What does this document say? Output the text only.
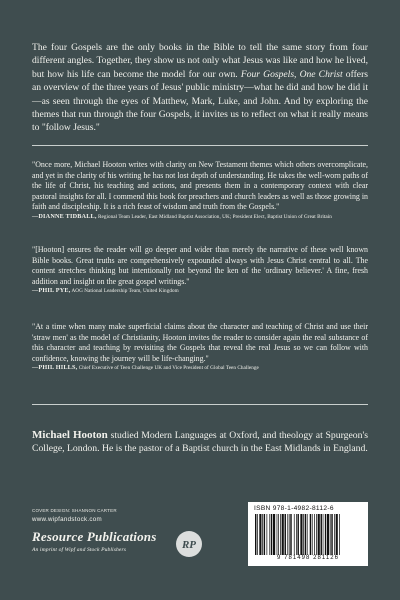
The four Gospels are the only books in the Bible to tell the same story from four different angles. Together, they show us not only what Jesus was like and how he lived, but how his life can become the model for our own. Four Gospels, One Christ offers an overview of the three years of Jesus' public ministry—what he did and how he did it—as seen through the eyes of Matthew, Mark, Luke, and John. And by exploring the themes that run through the four Gospels, it invites us to reflect on what it really means to "follow Jesus."

"Once more, Michael Hooton writes with clarity on New Testament themes which others overcomplicate, and yet in the clarity of his writing he has not lost depth of understanding. He takes the well-worn paths of the life of Christ, his teaching and actions, and presents them in a contemporary context with clear pastoral insights for all. I commend this book for preachers and church leaders as well as those growing in faith and discipleship. It is a rich feast of wisdom and truth from the Gospels."
—DIANNE TIDBALL, Regional Team Leader, East Midland Baptist Association, UK; President Elect, Baptist Union of Great Britain
"[Hooton] ensures the reader will go deeper and wider than merely the narrative of these well known Bible books. Great truths are comprehensively expounded always with Jesus Christ central to all. The content stretches thinking but intentionally not beyond the ken of the 'ordinary believer.' A fine, fresh addition and insight on the great gospel writings."
—PHIL PYE, AOG National Leadership Team, United Kingdom
"At a time when many make superficial claims about the character and teaching of Christ and use their 'straw men' as the model of Christianity, Hooton invites the reader to consider again the real substance of this character and teaching by revisiting the Gospels that reveal the real Jesus so we can follow with confidence, knowing the journey will be life-changing."
—PHIL HILLS, Chief Executive of Teen Challenge UK and Vice President of Global Teen Challenge

Michael Hooton studied Modern Languages at Oxford, and theology at Spurgeon's College, London. He is the pastor of a Baptist church in the East Midlands in England.

COVER DESIGN: SHANNON CARTER
www.wipfandstock.com
Resource Publications
An imprint of Wipf and Stock Publishers	RP
ISBN 978-1-4982-8112-6
9 781498 281126
